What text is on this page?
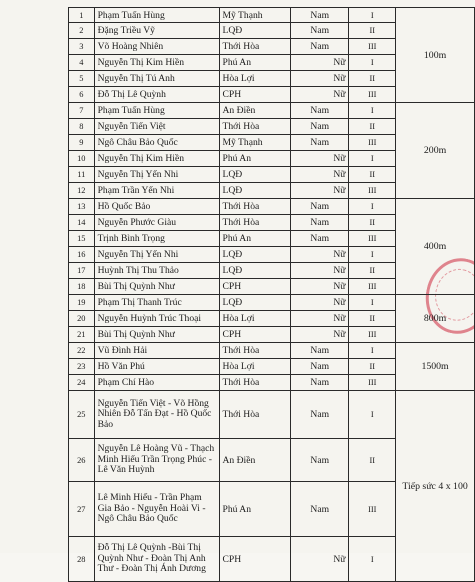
1	Phạm Tuấn Hùng	Mỹ Thạnh	Nam	I	100m
2	Đặng Triều Vỹ	LQĐ	Nam	II	
3	Võ Hoàng Nhiên	Thới Hòa	Nam	III	
4	Nguyễn Thị Kim Hiền	Phú An	Nữ	I	
5	Nguyễn Thị Tú Anh	Hòa Lợi	Nữ	II	
6	Đỗ Thị Lê Quỳnh	CPH	Nữ	III	
7	Phạm Tuấn Hùng	An Điền	Nam	I	200m
8	Nguyễn Tiến Việt	Thới Hòa	Nam	II	
9	Ngô Châu Bảo Quốc	Mỹ Thạnh	Nam	III	
10	Nguyễn Thị Kim Hiền	Phú An	Nữ	I	
11	Nguyễn Thị Yến Nhi	LQĐ	Nữ	II	
12	Phạm Trần Yến Nhi	LQĐ	Nữ	III	
13	Hồ Quốc Bảo	Thới Hòa	Nam	I	400m
14	Nguyễn Phước Giàu	Thới Hòa	Nam	II	
15	Trịnh Bình Trọng	Phú An	Nam	III	
16	Nguyễn Thị Yến Nhi	LQĐ	Nữ	I	
17	Huỳnh Thị Thu Thảo	LQĐ	Nữ	II	
18	Bùi Thị Quỳnh Như	CPH	Nữ	III	
19	Phạm Thị Thanh Trúc	LQĐ	Nữ	I	800m
20	Nguyễn Huỳnh Trúc Thoại	Hòa Lợi	Nữ	II	
21	Bùi Thị Quỳnh Như	CPH	Nữ	III	
22	Vũ Đình Hải	Thới Hòa	Nam	I	1500m
23	Hồ Văn Phú	Hòa Lợi	Nam	II	
24	Phạm Chí Hào	Thới Hòa	Nam	III	
25	Nguyễn Tiến Việt - Võ Hồng Nhiên Đỗ Tấn Đạt - Hồ Quốc Bảo	Thới Hòa	Nam	I	Tiếp sức 4 x 100
26	Nguyễn Lê Hoàng Vũ - Thạch Minh Hiếu Trần Trọng Phúc - Lê Văn Huỳnh	An Điền	Nam	II	
27	Lê Minh Hiếu - Trần Phạm Gia Bảo - Nguyễn Hoài Vi - Ngô Châu Bảo Quốc	Phú An	Nam	III	
28	Đỗ Thị Lê Quỳnh -Bùi Thị Quỳnh Như - Đoàn Thị Anh Thư - Đoàn Thị Ánh Dương	CPH	Nữ	I	
